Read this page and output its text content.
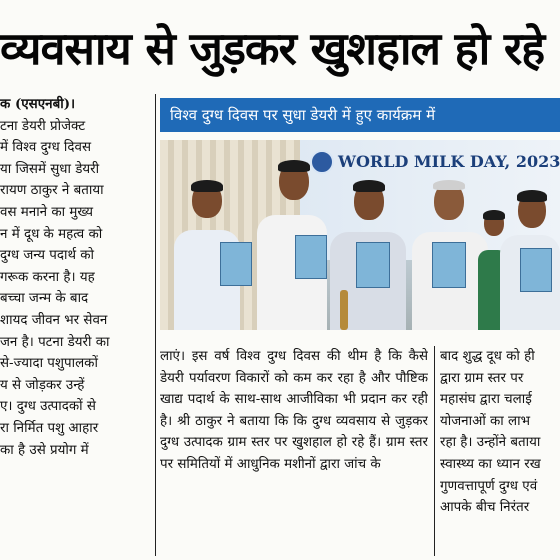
व्यवसाय से जुड़कर खुशहाल हो रहे

क (एसएनबी)।

टना डेयरी प्रोजेक्ट

में विश्व दुग्ध दिवस

या जिसमें सुधा डेयरी

रायण ठाकुर ने बताया

वस मनाने का मुख्य

न में दूध के महत्व को

दुग्ध जन्य पदार्थ को

गरूक करना है। यह

बच्चा जन्म के बाद

शायद जीवन भर सेवन

जन है। पटना डेयरी का

से-ज्यादा पशुपालकों

य से जोड़कर उन्हें

ए। दुग्ध उत्पादकों से

रा निर्मित पशु आहार

का है उसे प्रयोग में

विश्व दुग्ध दिवस पर सुधा डेयरी में हुए कार्यक्रम में
WORLD MILK DAY, 2023

लाएं। इस वर्ष विश्व दुग्ध दिवस की थीम है कि कैसे डेयरी पर्यावरण विकारों को कम कर रहा है और पौष्टिक खाद्य पदार्थ के साथ-साथ आजीविका भी प्रदान कर रही है। श्री ठाकुर ने बताया कि कि दुग्ध व्यवसाय से जुड़कर दुग्ध उत्पादक ग्राम स्तर पर खुशहाल हो रहे हैं। ग्राम स्तर पर समितियों में आधुनिक मशीनों द्वारा जांच के

बाद शुद्ध दूध को ही

द्वारा ग्राम स्तर पर

महासंघ द्वारा चलाई

योजनाओं का लाभ

रहा है। उन्होंने बताया

स्वास्थ्य का ध्यान रख

गुणवत्तापूर्ण दुग्ध एवं

आपके बीच निरंतर
